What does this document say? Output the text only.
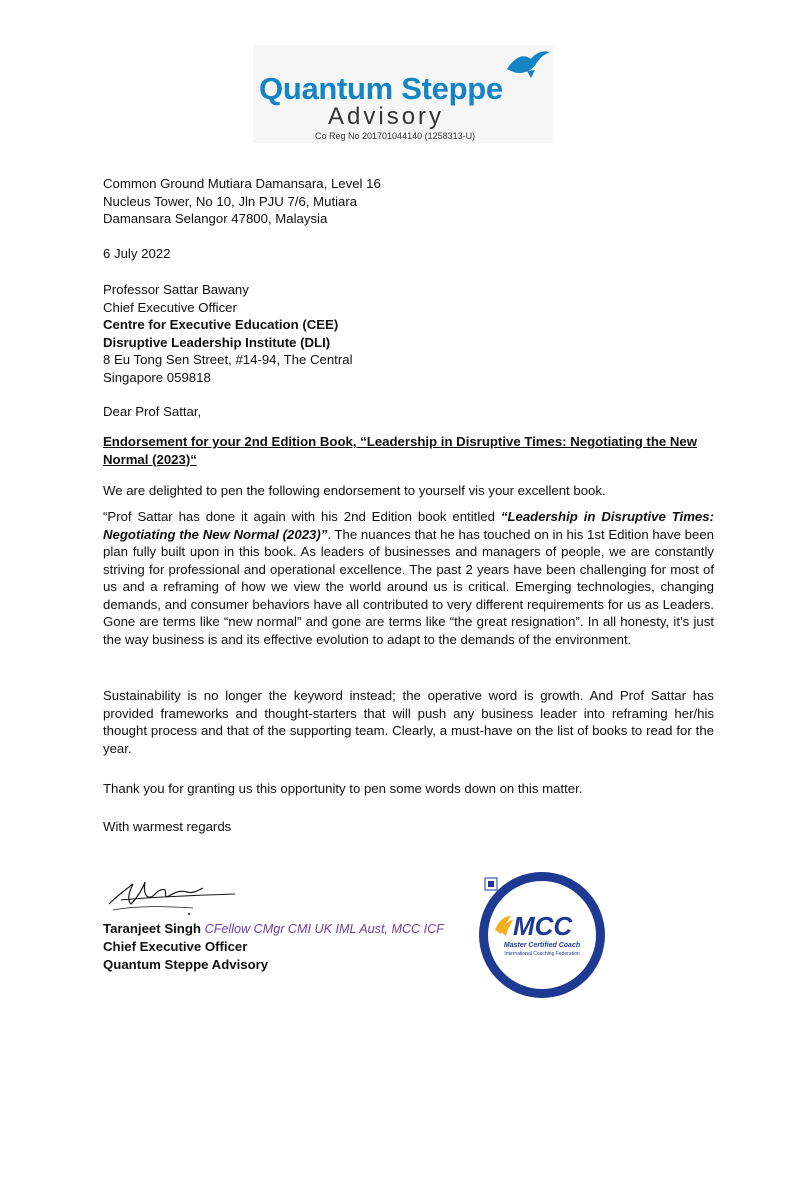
Quantum Steppe
Advisory
Co Reg No 201701044140 (1258313-U)
Common Ground Mutiara Damansara, Level 16
Nucleus Tower, No 10, Jln PJU 7/6, Mutiara
Damansara Selangor 47800, Malaysia
6 July 2022
Professor Sattar Bawany
Chief Executive Officer
Centre for Executive Education (CEE)
Disruptive Leadership Institute (DLI)
8 Eu Tong Sen Street, #14-94, The Central
Singapore 059818
Dear Prof Sattar,
Endorsement for your 2nd Edition Book, “Leadership in Disruptive Times: Negotiating the New Normal (2023)“
We are delighted to pen the following endorsement to yourself vis your excellent book.
“Prof Sattar has done it again with his 2nd Edition book entitled “Leadership in Disruptive Times: Negotiating the New Normal (2023)”. The nuances that he has touched on in his 1st Edition have been plan fully built upon in this book. As leaders of businesses and managers of people, we are constantly striving for professional and operational excellence. The past 2 years have been challenging for most of us and a reframing of how we view the world around us is critical. Emerging technologies, changing demands, and consumer behaviors have all contributed to very different requirements for us as Leaders. Gone are terms like “new normal” and gone are terms like “the great resignation”. In all honesty, it’s just the way business is and its effective evolution to adapt to the demands of the environment.
Sustainability is no longer the keyword instead; the operative word is growth. And Prof Sattar has provided frameworks and thought-starters that will push any business leader into reframing her/his thought process and that of the supporting team. Clearly, a must-have on the list of books to read for the year.
Thank you for granting us this opportunity to pen some words down on this matter.
With warmest regards
Taranjeet Singh CFellow CMgr CMI UK IML Aust, MCC ICF
Chief Executive Officer
Quantum Steppe Advisory
MCC
Master Certified Coach
International Coaching Federation
